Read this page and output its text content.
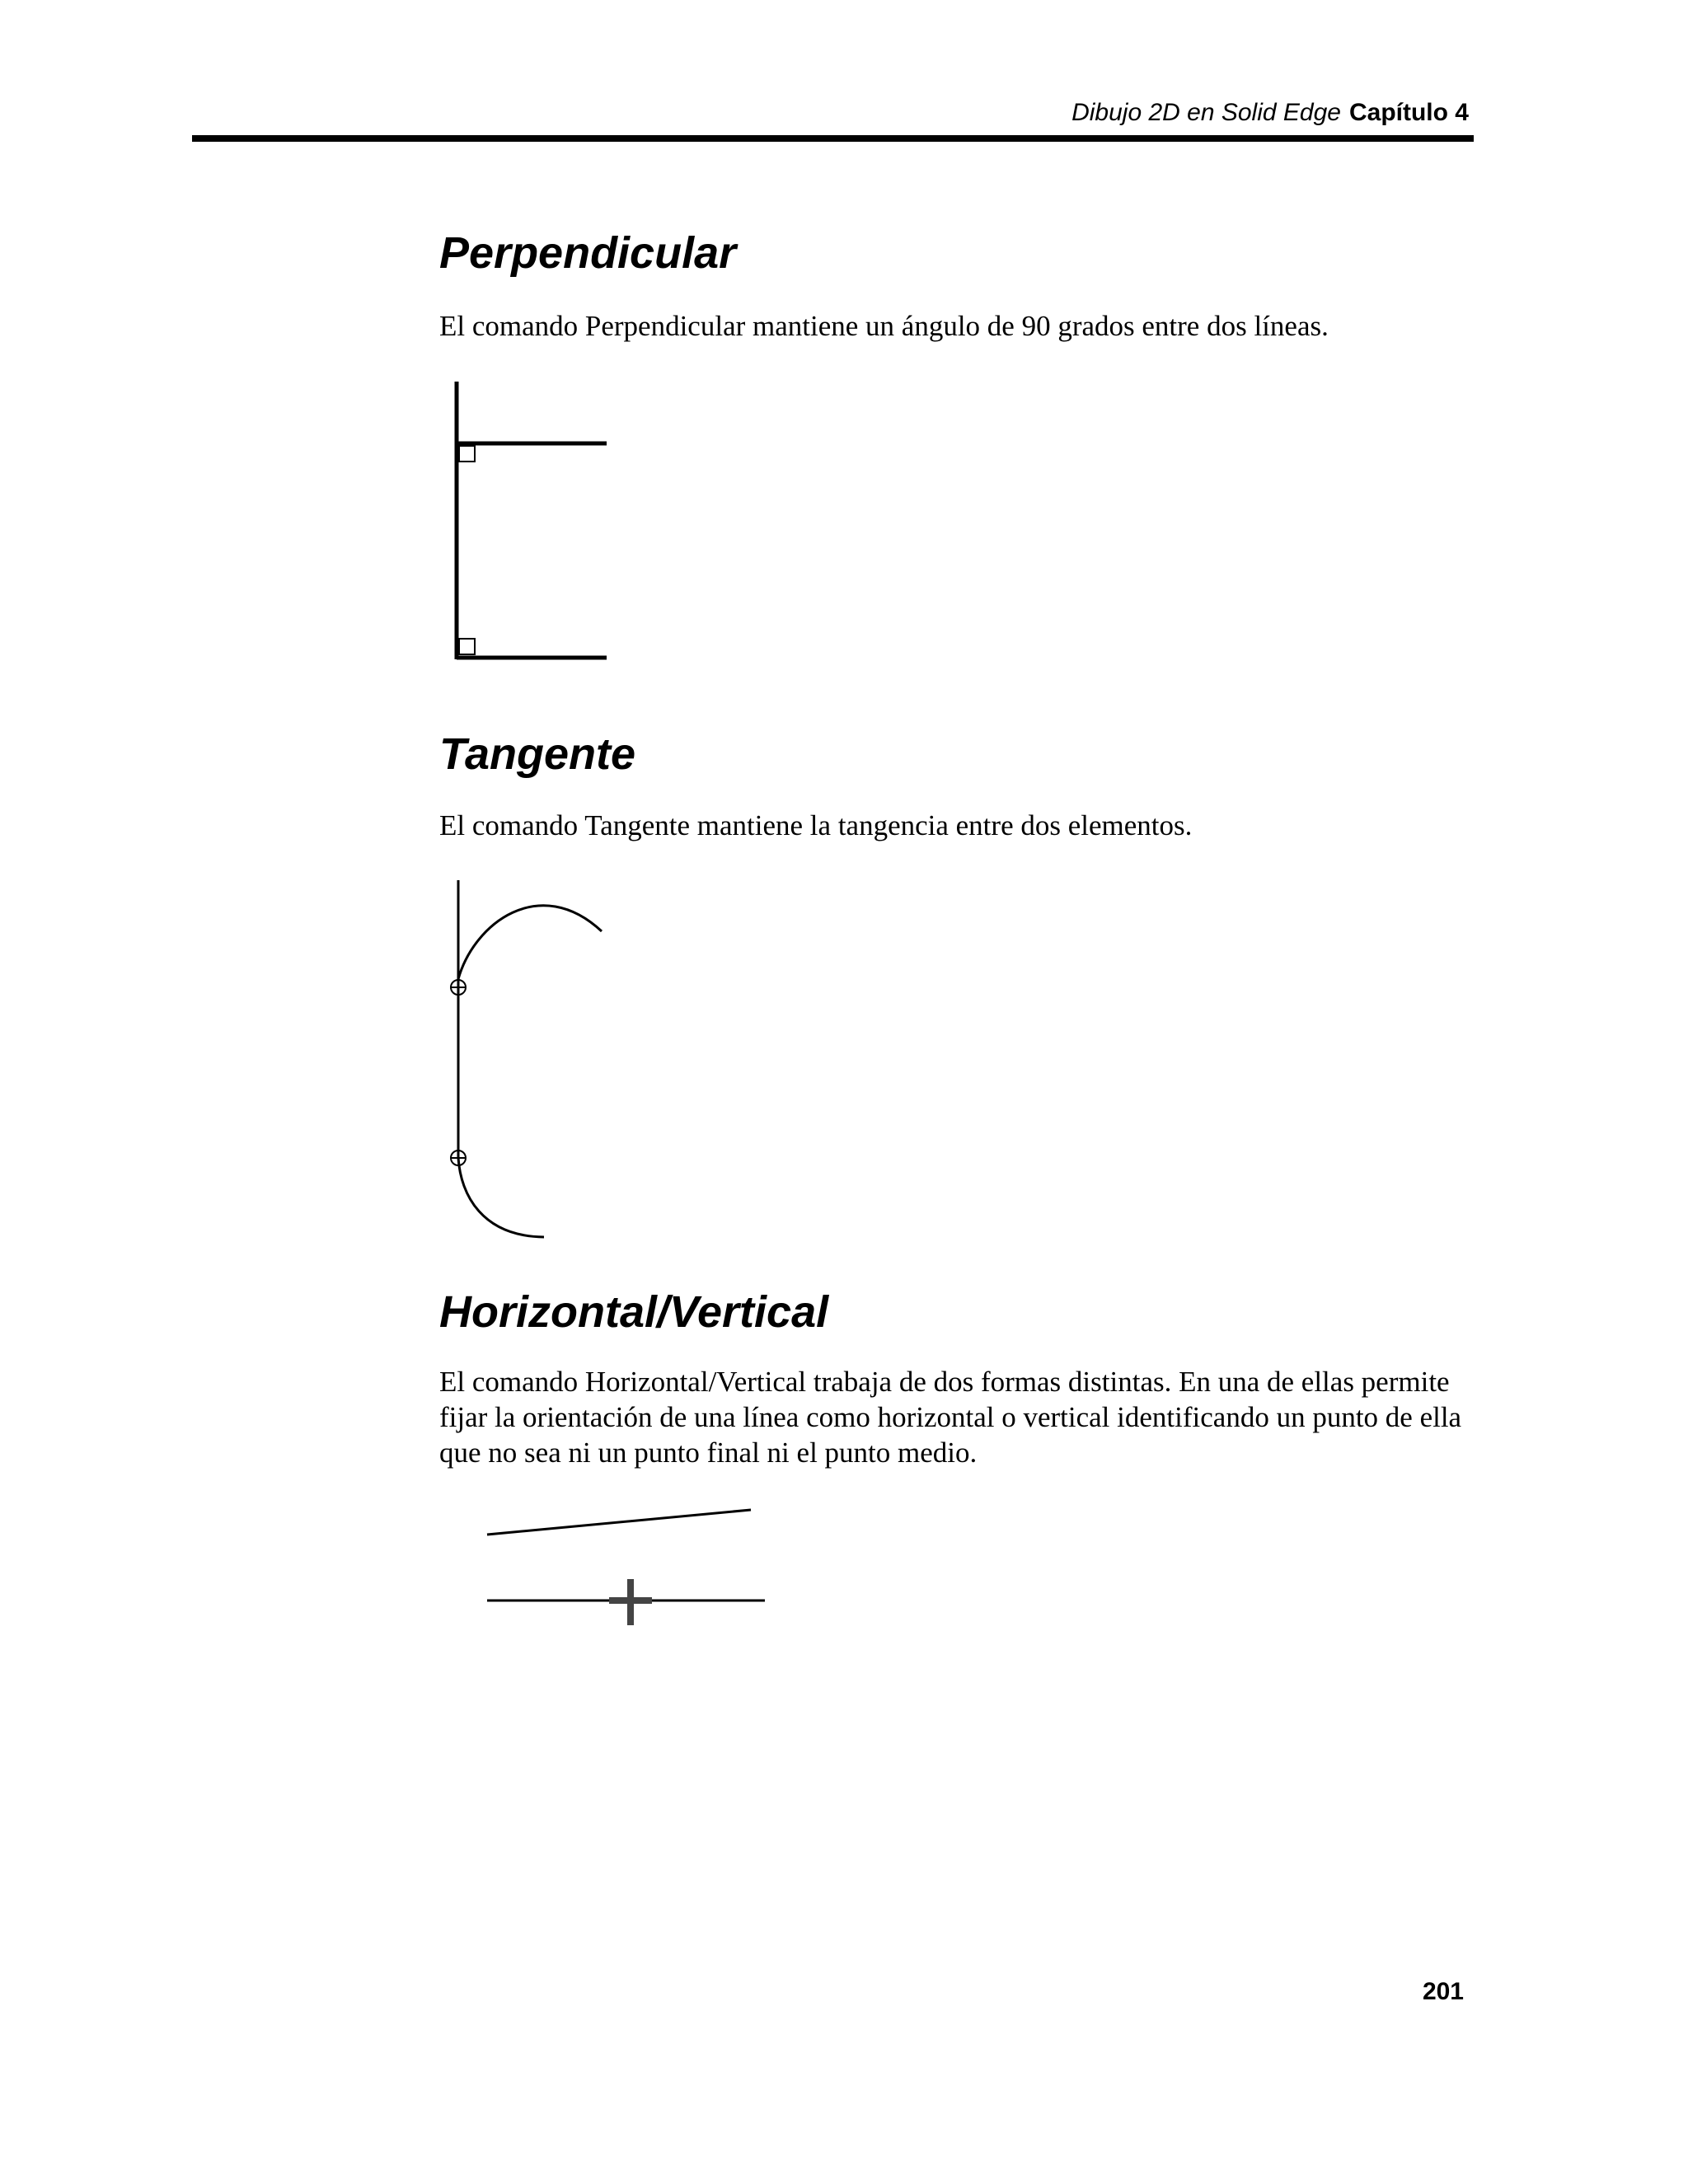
Dibujo 2D en Solid Edge Capítulo 4
Perpendicular

El comando Perpendicular mantiene un ángulo de 90 grados entre dos líneas.

Tangente

El comando Tangente mantiene la tangencia entre dos elementos.

Horizontal/Vertical

El comando Horizontal/Vertical trabaja de dos formas distintas. En una de ellas permite fijar la orientación de una línea como horizontal o vertical identificando un punto de ella que no sea ni un punto final ni el punto medio.

201
